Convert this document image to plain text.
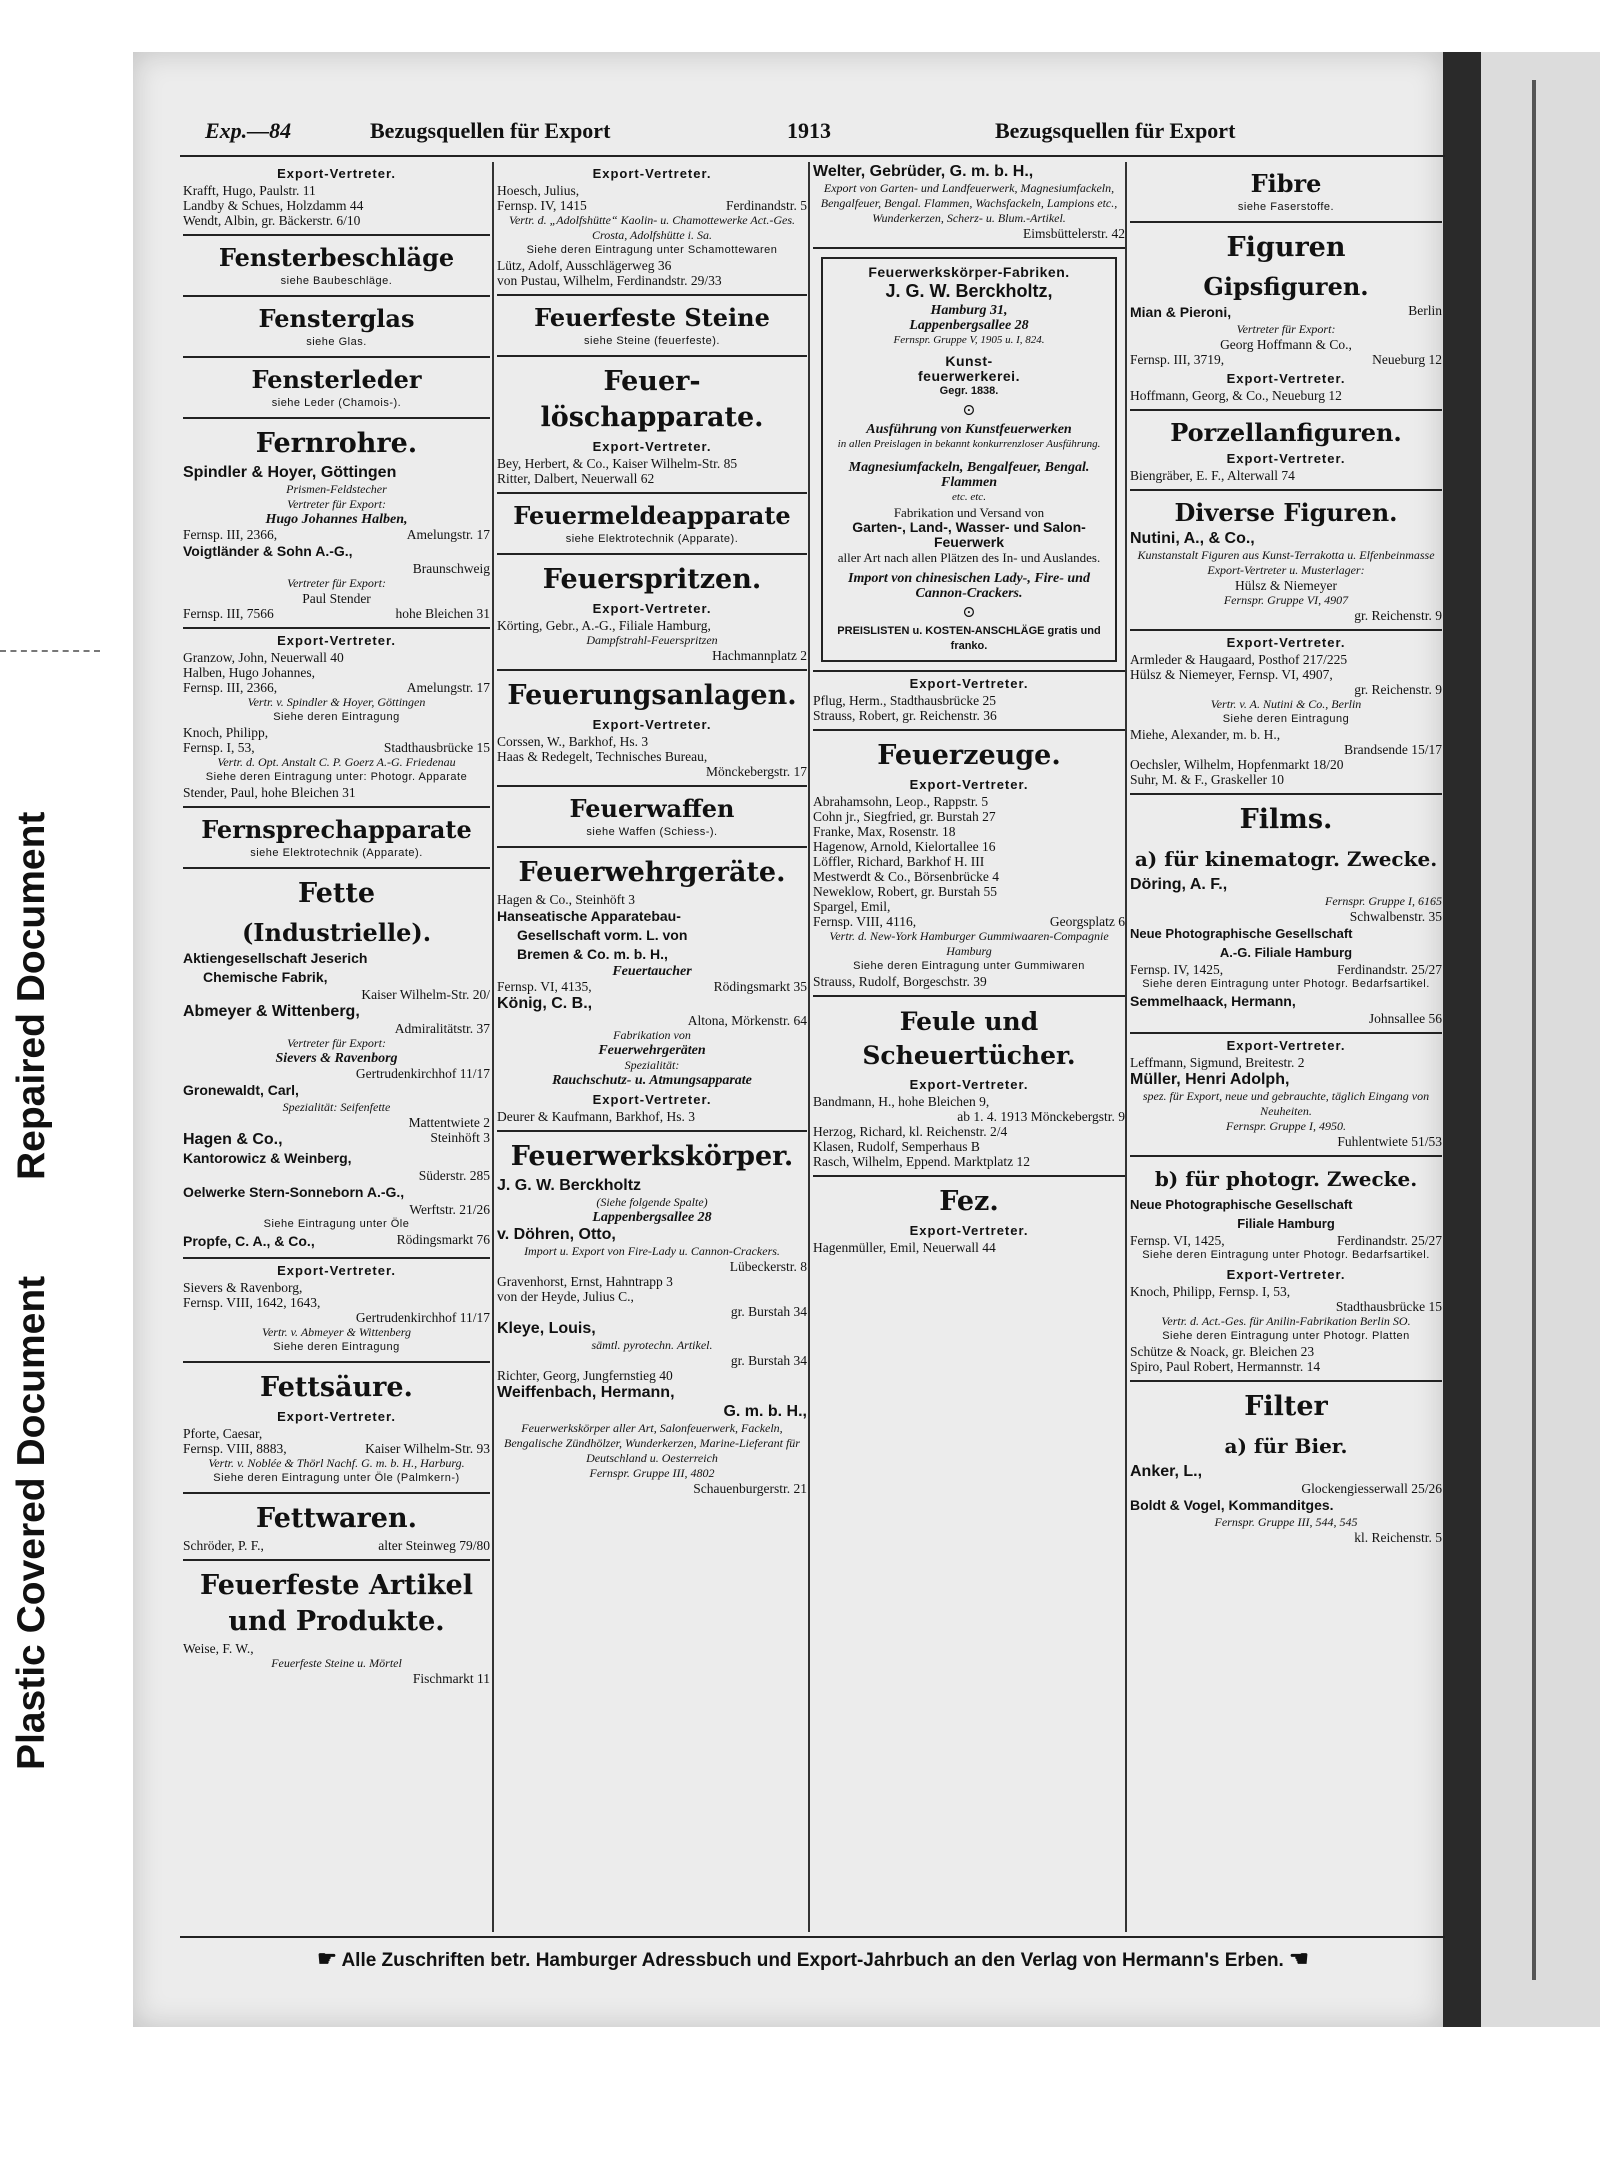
Plastic Covered Document
Repaired Document
Exp.—84	Bezugsquellen für Export	1913	Bezugsquellen für Export
Export-Vertreter.
Krafft, Hugo, Paulstr. 11
Landby & Schues, Holzdamm 44
Wendt, Albin, gr. Bäckerstr. 6/10
Fensterbeschläge
siehe Baubeschläge.
Fensterglas
siehe Glas.
Fensterleder
siehe Leder (Chamois-).
Fernrohre.
Spindler & Hoyer, Göttingen
Prismen-Feldstecher
Vertreter für Export:
Hugo Johannes Halben,
Fernsp. III, 2366,	Amelungstr. 17
Voigtländer & Sohn A.-G.,
Braunschweig
Vertreter für Export:
Paul Stender
Fernsp. III, 7566	hohe Bleichen 31
Export-Vertreter.
Granzow, John, Neuerwall 40
Halben, Hugo Johannes,
Fernsp. III, 2366,	Amelungstr. 17
Vertr. v. Spindler & Hoyer, Göttingen
Siehe deren Eintragung
Knoch, Philipp,
Fernsp. I, 53,	Stadthausbrücke 15
Vertr. d. Opt. Anstalt C. P. Goerz A.-G. Friedenau
Siehe deren Eintragung unter: Photogr. Apparate
Stender, Paul, hohe Bleichen 31
Fernsprechapparate
siehe Elektrotechnik (Apparate).
Fette
(Industrielle).
Aktiengesellschaft Jeserich
Chemische Fabrik,
Kaiser Wilhelm-Str. 20/
Abmeyer & Wittenberg,
Admiralitätstr. 37
Vertreter für Export:
Sievers & Ravenborg
Gertrudenkirchhof 11/17
Gronewaldt, Carl,
Spezialität: Seifenfette
Mattentwiete 2
Hagen & Co.,	Steinhöft 3
Kantorowicz & Weinberg,
Süderstr. 285
Oelwerke Stern-Sonneborn A.-G.,
Werftstr. 21/26
Siehe Eintragung unter Öle
Propfe, C. A., & Co.,	Rödingsmarkt 76
Export-Vertreter.
Sievers & Ravenborg,
Fernsp. VIII, 1642, 1643,
Gertrudenkirchhof 11/17
Vertr. v. Abmeyer & Wittenberg
Siehe deren Eintragung
Fettsäure.
Export-Vertreter.
Pforte, Caesar,
Fernsp. VIII, 8883,	Kaiser Wilhelm-Str. 93
Vertr. v. Noblée & Thörl Nachf. G. m. b. H., Harburg.
Siehe deren Eintragung unter Öle (Palmkern-)
Fettwaren.
Schröder, P. F.,	alter Steinweg 79/80
Feuerfeste Artikel
und Produkte.
Weise, F. W.,
Feuerfeste Steine u. Mörtel
Fischmarkt 11
Export-Vertreter.
Hoesch, Julius,
Fernsp. IV, 1415	Ferdinandstr. 5
Vertr. d. „Adolfshütte“ Kaolin- u. Chamottewerke Act.-Ges. Crosta, Adolfshütte i. Sa.
Siehe deren Eintragung unter Schamottewaren
Lütz, Adolf, Ausschlägerweg 36
von Pustau, Wilhelm, Ferdinandstr. 29/33
Feuerfeste Steine
siehe Steine (feuerfeste).
Feuer-
löschapparate.
Export-Vertreter.
Bey, Herbert, & Co., Kaiser Wilhelm-Str. 85
Ritter, Dalbert, Neuerwall 62
Feuermeldeapparate
siehe Elektrotechnik (Apparate).
Feuerspritzen.
Export-Vertreter.
Körting, Gebr., A.-G., Filiale Hamburg,
Dampfstrahl-Feuerspritzen
Hachmannplatz 2
Feuerungsanlagen.
Export-Vertreter.
Corssen, W., Barkhof, Hs. 3
Haas & Redegelt, Technisches Bureau,
Mönckebergstr. 17
Feuerwaffen
siehe Waffen (Schiess-).
Feuerwehrgeräte.
Hagen & Co., Steinhöft 3
Hanseatische Apparatebau-
Gesellschaft vorm. L. von
Bremen & Co. m. b. H.,
Feuertaucher
Fernsp. VI, 4135,	Rödingsmarkt 35
König, C. B.,
Altona, Mörkenstr. 64
Fabrikation von
Feuerwehrgeräten
Spezialität:
Rauchschutz- u. Atmungsapparate
Export-Vertreter.
Deurer & Kaufmann, Barkhof, Hs. 3
Feuerwerkskörper.
J. G. W. Berckholtz
(Siehe folgende Spalte)
Lappenbergsallee 28
v. Döhren, Otto,
Import u. Export von Fire-Lady u. Cannon-Crackers.
Lübeckerstr. 8
Gravenhorst, Ernst, Hahntrapp 3
von der Heyde, Julius C.,
gr. Burstah 34
Kleye, Louis,
sämtl. pyrotechn. Artikel.
gr. Burstah 34
Richter, Georg, Jungfernstieg 40
Weiffenbach, Hermann,
G. m. b. H.,
Feuerwerkskörper aller Art, Salonfeuerwerk, Fackeln, Bengalische Zündhölzer, Wunderkerzen, Marine-Lieferant für Deutschland u. Oesterreich
Fernspr. Gruppe III, 4802
Schauenburgerstr. 21
Welter, Gebrüder, G. m. b. H.,
Export von Garten- und Landfeuerwerk, Magnesiumfackeln, Bengalfeuer, Bengal. Flammen, Wachsfackeln, Lampions etc., Wunderkerzen, Scherz- u. Blum.-Artikel.
Eimsbüttelerstr. 42
Feuerwerkskörper-Fabriken.
J. G. W. Berckholtz,
Hamburg 31,
Lappenbergsallee 28
Fernspr. Gruppe V, 1905 u. I, 824.
Kunst-
feuerwerkerei.
Gegr. 1838.
⊙
Ausführung von Kunstfeuerwerken
in allen Preislagen in bekannt konkurrenzloser Ausführung.
Magnesiumfackeln, Bengalfeuer, Bengal. Flammen
etc. etc.
Fabrikation und Versand von
Garten-, Land-, Wasser- und Salon-Feuerwerk
aller Art nach allen Plätzen des In- und Auslandes.
Import von chinesischen Lady-, Fire- und Cannon-Crackers.
⊙
PREISLISTEN u. KOSTEN-ANSCHLÄGE gratis und franko.
Export-Vertreter.
Pflug, Herm., Stadthausbrücke 25
Strauss, Robert, gr. Reichenstr. 36
Feuerzeuge.
Export-Vertreter.
Abrahamsohn, Leop., Rappstr. 5
Cohn jr., Siegfried, gr. Burstah 27
Franke, Max, Rosenstr. 18
Hagenow, Arnold, Kielortallee 16
Löffler, Richard, Barkhof H. III
Mestwerdt & Co., Börsenbrücke 4
Neweklow, Robert, gr. Burstah 55
Spargel, Emil,
Fernsp. VIII, 4116,	Georgsplatz 6
Vertr. d. New-York Hamburger Gummiwaaren-Compagnie Hamburg
Siehe deren Eintragung unter Gummiwaren
Strauss, Rudolf, Borgeschstr. 39
Feule und Scheuertücher.
Export-Vertreter.
Bandmann, H., hohe Bleichen 9,
ab 1. 4. 1913 Mönckebergstr. 9
Herzog, Richard, kl. Reichenstr. 2/4
Klasen, Rudolf, Semperhaus B
Rasch, Wilhelm, Eppend. Marktplatz 12
Fez.
Export-Vertreter.
Hagenmüller, Emil, Neuerwall 44
Fibre
siehe Faserstoffe.
Figuren
Gipsfiguren.
Mian & Pieroni,	Berlin
Vertreter für Export:
Georg Hoffmann & Co.,
Fernsp. III, 3719,	Neueburg 12
Export-Vertreter.
Hoffmann, Georg, & Co., Neueburg 12
Porzellanfiguren.
Export-Vertreter.
Biengräber, E. F., Alterwall 74
Diverse Figuren.
Nutini, A., & Co.,
Kunstanstalt Figuren aus Kunst-Terrakotta u. Elfenbeinmasse
Export-Vertreter u. Musterlager:
Hülsz & Niemeyer
Fernspr. Gruppe VI, 4907
gr. Reichenstr. 9
Export-Vertreter.
Armleder & Haugaard, Posthof 217/225
Hülsz & Niemeyer, Fernsp. VI, 4907,
gr. Reichenstr. 9
Vertr. v. A. Nutini & Co., Berlin
Siehe deren Eintragung
Miehe, Alexander, m. b. H.,
Brandsende 15/17
Oechsler, Wilhelm, Hopfenmarkt 18/20
Suhr, M. & F., Graskeller 10
Films.
a) für kinematogr. Zwecke.
Döring, A. F.,
Fernspr. Gruppe I, 6165
Schwalbenstr. 35
Neue Photographische Gesellschaft
A.-G. Filiale Hamburg
Fernsp. IV, 1425,	Ferdinandstr. 25/27
Siehe deren Eintragung unter Photogr. Bedarfsartikel.
Semmelhaack, Hermann,
Johnsallee 56
Export-Vertreter.
Leffmann, Sigmund, Breitestr. 2
Müller, Henri Adolph,
spez. für Export, neue und gebrauchte, täglich Eingang von Neuheiten.
Fernspr. Gruppe I, 4950.
Fuhlentwiete 51/53
b) für photogr. Zwecke.
Neue Photographische Gesellschaft
Filiale Hamburg
Fernsp. VI, 1425,	Ferdinandstr. 25/27
Siehe deren Eintragung unter Photogr. Bedarfsartikel.
Export-Vertreter.
Knoch, Philipp, Fernsp. I, 53,
Stadthausbrücke 15
Vertr. d. Act.-Ges. für Anilin-Fabrikation Berlin SO.
Siehe deren Eintragung unter Photogr. Platten
Schütze & Noack, gr. Bleichen 23
Spiro, Paul Robert, Hermannstr. 14
Filter
a) für Bier.
Anker, L.,
Glockengiesserwall 25/26
Boldt & Vogel, Kommanditges.
Fernspr. Gruppe III, 544, 545
kl. Reichenstr. 5
☛ Alle Zuschriften betr. Hamburger Adressbuch und Export-Jahrbuch an den Verlag von Hermann's Erben. ☚
